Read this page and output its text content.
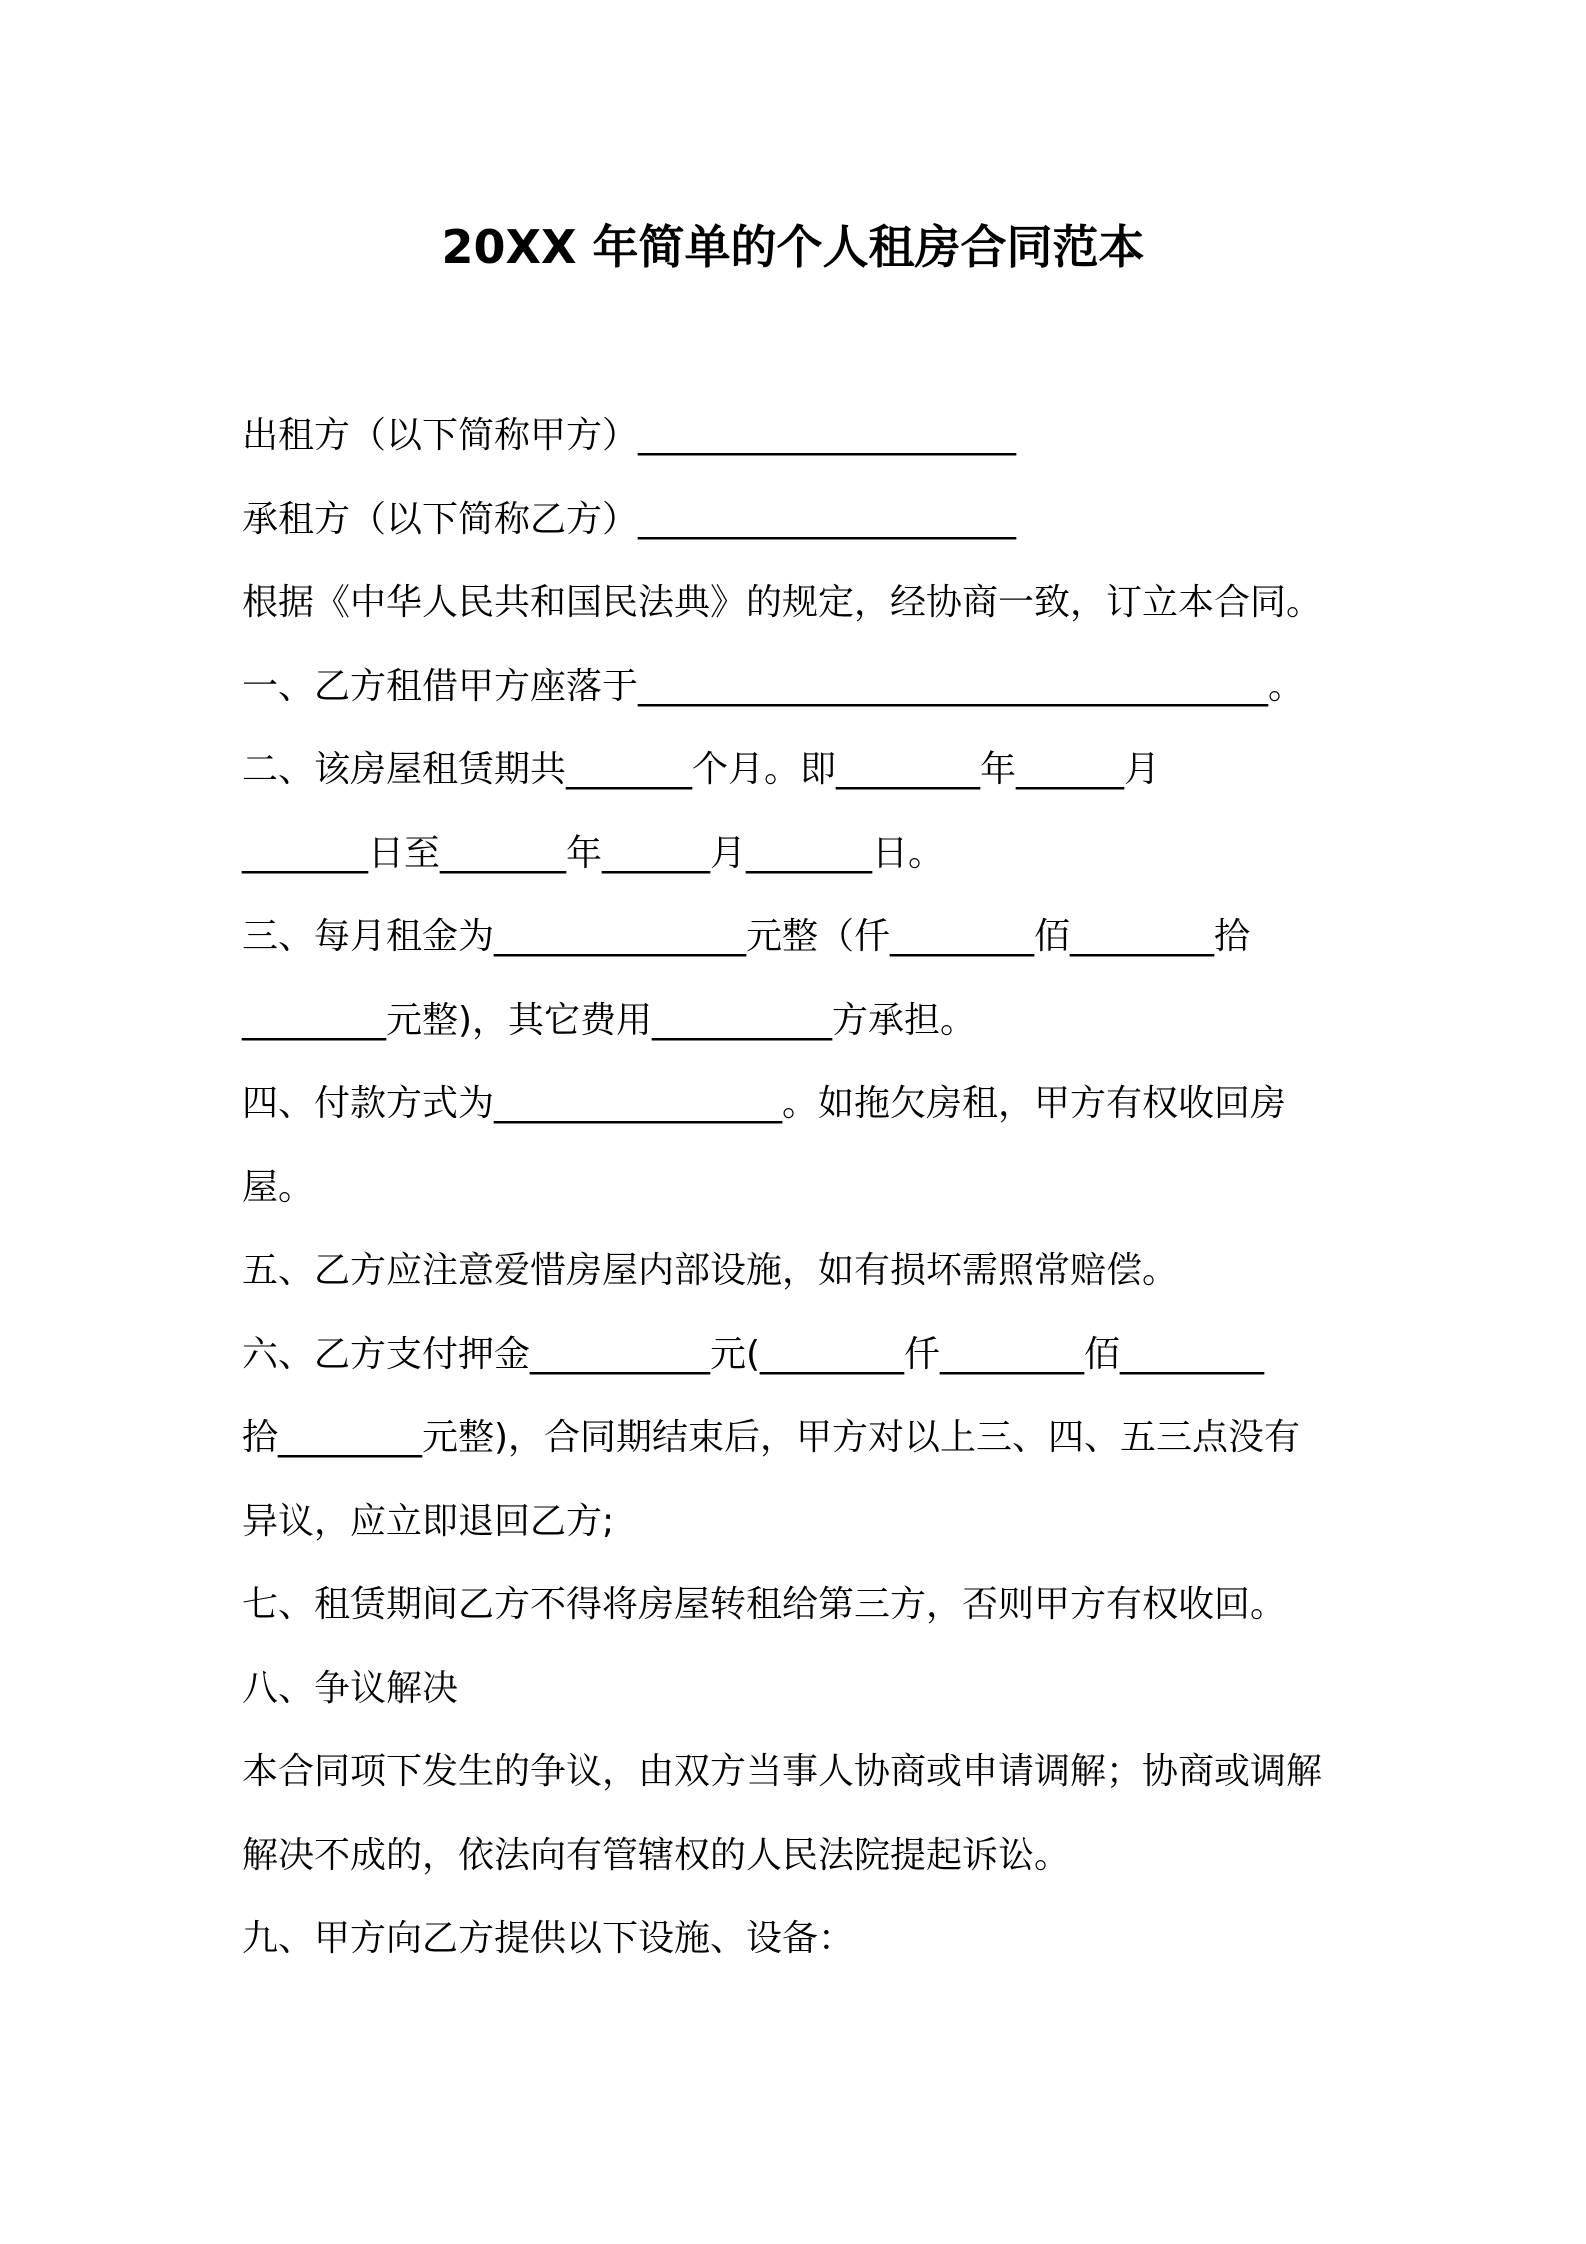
20XX 年简单的个人租房合同范本
出租方（以下简称甲方）_____________________
承租方（以下简称乙方）_____________________
根据《中华人民共和国民法典》的规定，经协商一致，订立本合同。
一、乙方租借甲方座落于___________________________________。
二、该房屋租赁期共_______个月。即________年______月
_______日至_______年______月_______日。
三、每月租金为______________元整（仟________佰________拾
________元整)，其它费用__________方承担。
四、付款方式为________________。如拖欠房租，甲方有权收回房
屋。
五、乙方应注意爱惜房屋内部设施，如有损坏需照常赔偿。
六、乙方支付押金__________元(________仟________佰________
拾________元整)，合同期结束后，甲方对以上三、四、五三点没有
异议，应立即退回乙方;
七、租赁期间乙方不得将房屋转租给第三方，否则甲方有权收回。
八、争议解决
本合同项下发生的争议，由双方当事人协商或申请调解；协商或调解
解决不成的，依法向有管辖权的人民法院提起诉讼。
九、甲方向乙方提供以下设施、设备：
